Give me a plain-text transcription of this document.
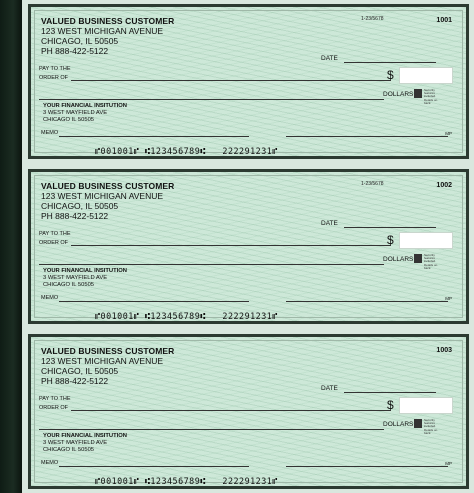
VALUED BUSINESS CUSTOMER
123 WEST MICHIGAN AVENUE
CHICAGO, IL 50505
PH 888-422-5122
1-23/5678	1001
DATE
PAY TO THE
ORDER OF	$
DOLLARS
Security features included. Details on back.
YOUR FINANCIAL INSITUTION
3 WEST MAYFIELD AVE
CHICAGO IL 50505
MEMO	MP
⑈001001⑈ ⑆123456789⑆   222291231⑈
VALUED BUSINESS CUSTOMER
123 WEST MICHIGAN AVENUE
CHICAGO, IL 50505
PH 888-422-5122
1-23/5678	1002
DATE
PAY TO THE
ORDER OF	$
DOLLARS
Security features included. Details on back.
YOUR FINANCIAL INSITUTION
3 WEST MAYFIELD AVE
CHICAGO IL 50505
MEMO	MP
⑈001001⑈ ⑆123456789⑆   222291231⑈
VALUED BUSINESS CUSTOMER
123 WEST MICHIGAN AVENUE
CHICAGO, IL 50505
PH 888-422-5122
1003
DATE
PAY TO THE
ORDER OF	$
DOLLARS
Security features included. Details on back.
YOUR FINANCIAL INSITUTION
3 WEST MAYFIELD AVE
CHICAGO IL 50505
MEMO	MP
⑈001001⑈ ⑆123456789⑆   222291231⑈
